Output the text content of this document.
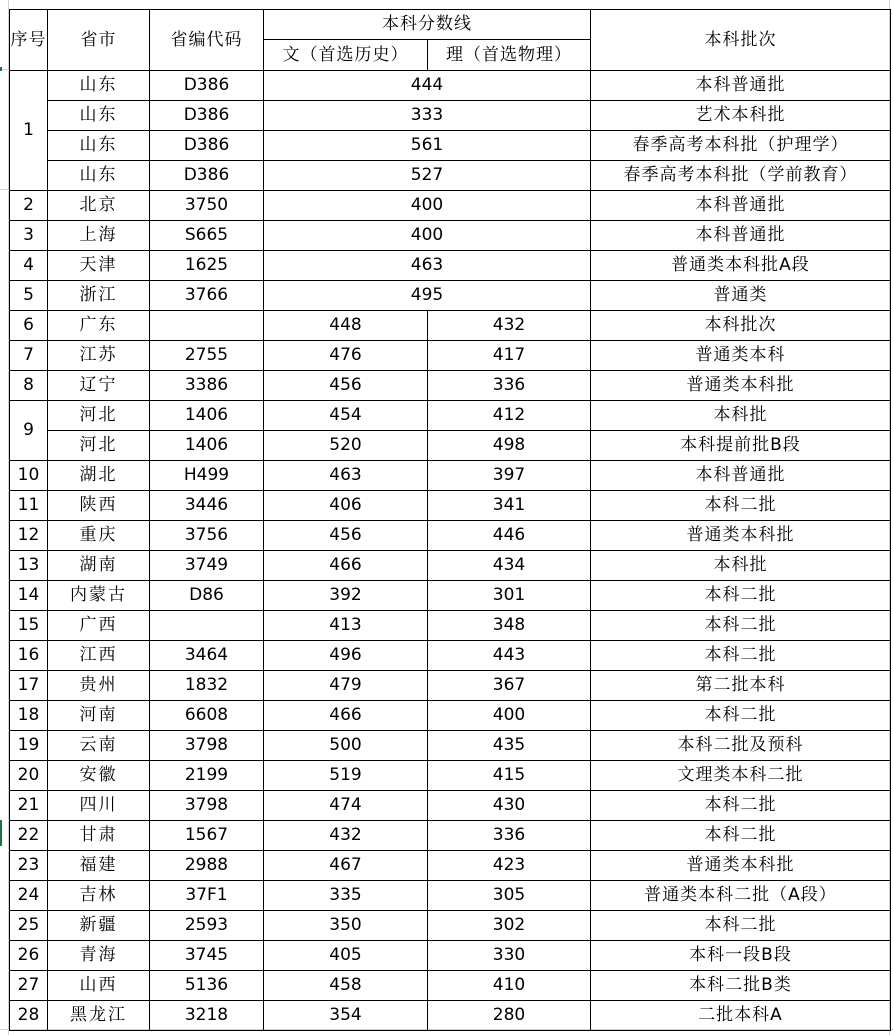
序号	省市	省编代码	本科分数线		本科批次
			文（首选历史）	理（首选物理）	
1	山东	D386	444		本科普通批
	山东	D386	333		艺术本科批
	山东	D386	561		春季高考本科批（护理学）
	山东	D386	527		春季高考本科批（学前教育）
2	北京	3750	400		本科普通批
3	上海	S665	400		本科普通批
4	天津	1625	463		普通类本科批A段
5	浙江	3766	495		普通类
6	广东		448	432	本科批次
7	江苏	2755	476	417	普通类本科
8	辽宁	3386	456	336	普通类本科批
9	河北	1406	454	412	本科批
	河北	1406	520	498	本科提前批B段
10	湖北	H499	463	397	本科普通批
11	陕西	3446	406	341	本科二批
12	重庆	3756	456	446	普通类本科批
13	湖南	3749	466	434	本科批
14	内蒙古	D86	392	301	本科二批
15	广西		413	348	本科二批
16	江西	3464	496	443	本科二批
17	贵州	1832	479	367	第二批本科
18	河南	6608	466	400	本科二批
19	云南	3798	500	435	本科二批及预科
20	安徽	2199	519	415	文理类本科二批
21	四川	3798	474	430	本科二批
22	甘肃	1567	432	336	本科二批
23	福建	2988	467	423	普通类本科批
24	吉林	37F1	335	305	普通类本科二批（A段）
25	新疆	2593	350	302	本科二批
26	青海	3745	405	330	本科一段B段
27	山西	5136	458	410	本科二批B类
28	黑龙江	3218	354	280	二批本科A
